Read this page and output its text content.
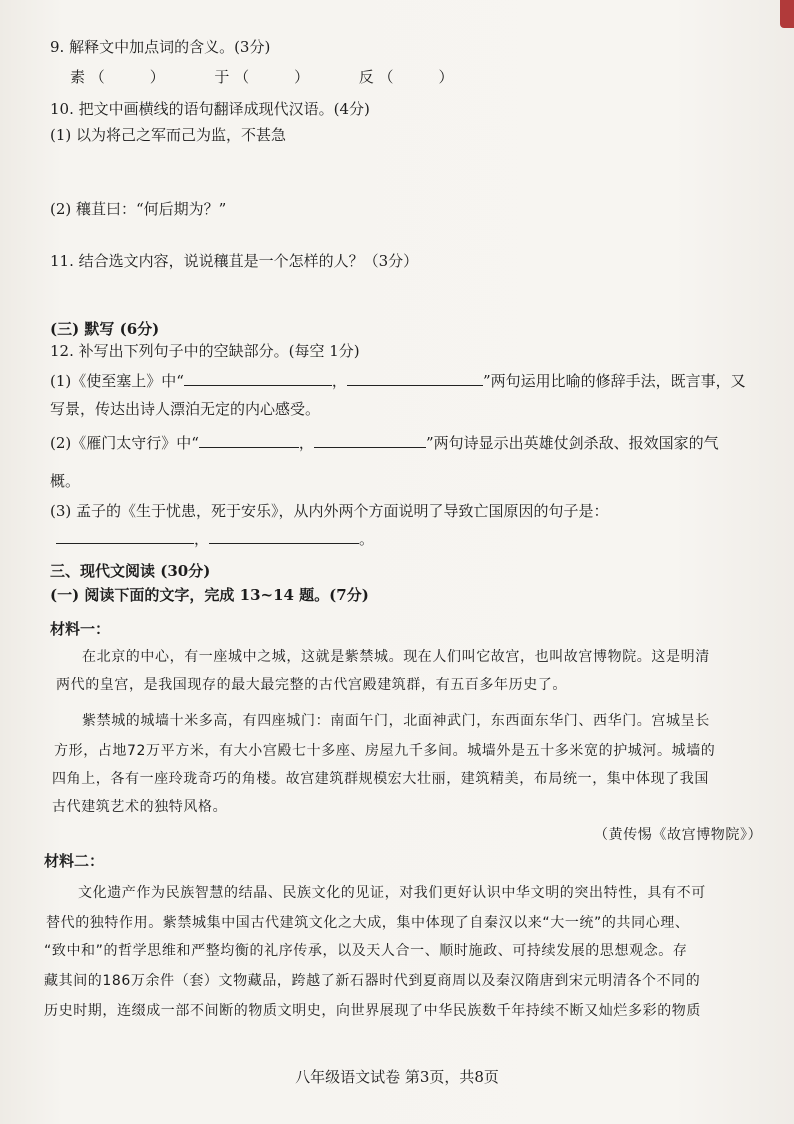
9. 解释文中加点词的含义。(3分)
素 （   ）	于 （   ）	反 （   ）
10. 把文中画横线的语句翻译成现代汉语。(4分)
(1) 以为将己之军而己为监，不甚急
(2) 穰苴曰：“何后期为？”
11. 结合选文内容，说说穰苴是一个怎样的人？（3分）
(三) 默写 (6分)
12. 补写出下列句子中的空缺部分。(每空 1分)
(1)《使至塞上》中“	，	”两句运用比喻的修辞手法，既言事，又
写景，传达出诗人漂泊无定的内心感受。
(2)《雁门太守行》中“	，	”两句诗显示出英雄仗剑杀敌、报效国家的气
概。
(3) 孟子的《生于忧患，死于安乐》，从内外两个方面说明了导致亡国原因的句子是：
，	。
三、现代文阅读 (30分)
(一) 阅读下面的文字，完成 13~14 题。(7分)
材料一：
在北京的中心，有一座城中之城，这就是紫禁城。现在人们叫它故宫，也叫故宫博物院。这是明清
两代的皇宫，是我国现存的最大最完整的古代宫殿建筑群，有五百多年历史了。
紫禁城的城墙十米多高，有四座城门：南面午门，北面神武门，东西面东华门、西华门。宫城呈长
方形，占地72万平方米，有大小宫殿七十多座、房屋九千多间。城墙外是五十多米宽的护城河。城墙的
四角上，各有一座玲珑奇巧的角楼。故宫建筑群规模宏大壮丽，建筑精美，布局统一，集中体现了我国
古代建筑艺术的独特风格。
（黄传惕《故宫博物院》）
材料二：
文化遗产作为民族智慧的结晶、民族文化的见证，对我们更好认识中华文明的突出特性，具有不可
替代的独特作用。紫禁城集中国古代建筑文化之大成，集中体现了自秦汉以来“大一统”的共同心理、
“致中和”的哲学思维和严整均衡的礼序传承，以及天人合一、顺时施政、可持续发展的思想观念。存
藏其间的186万余件（套）文物藏品，跨越了新石器时代到夏商周以及秦汉隋唐到宋元明清各个不同的
历史时期，连缀成一部不间断的物质文明史，向世界展现了中华民族数千年持续不断又灿烂多彩的物质
八年级语文试卷 第3页，共8页
